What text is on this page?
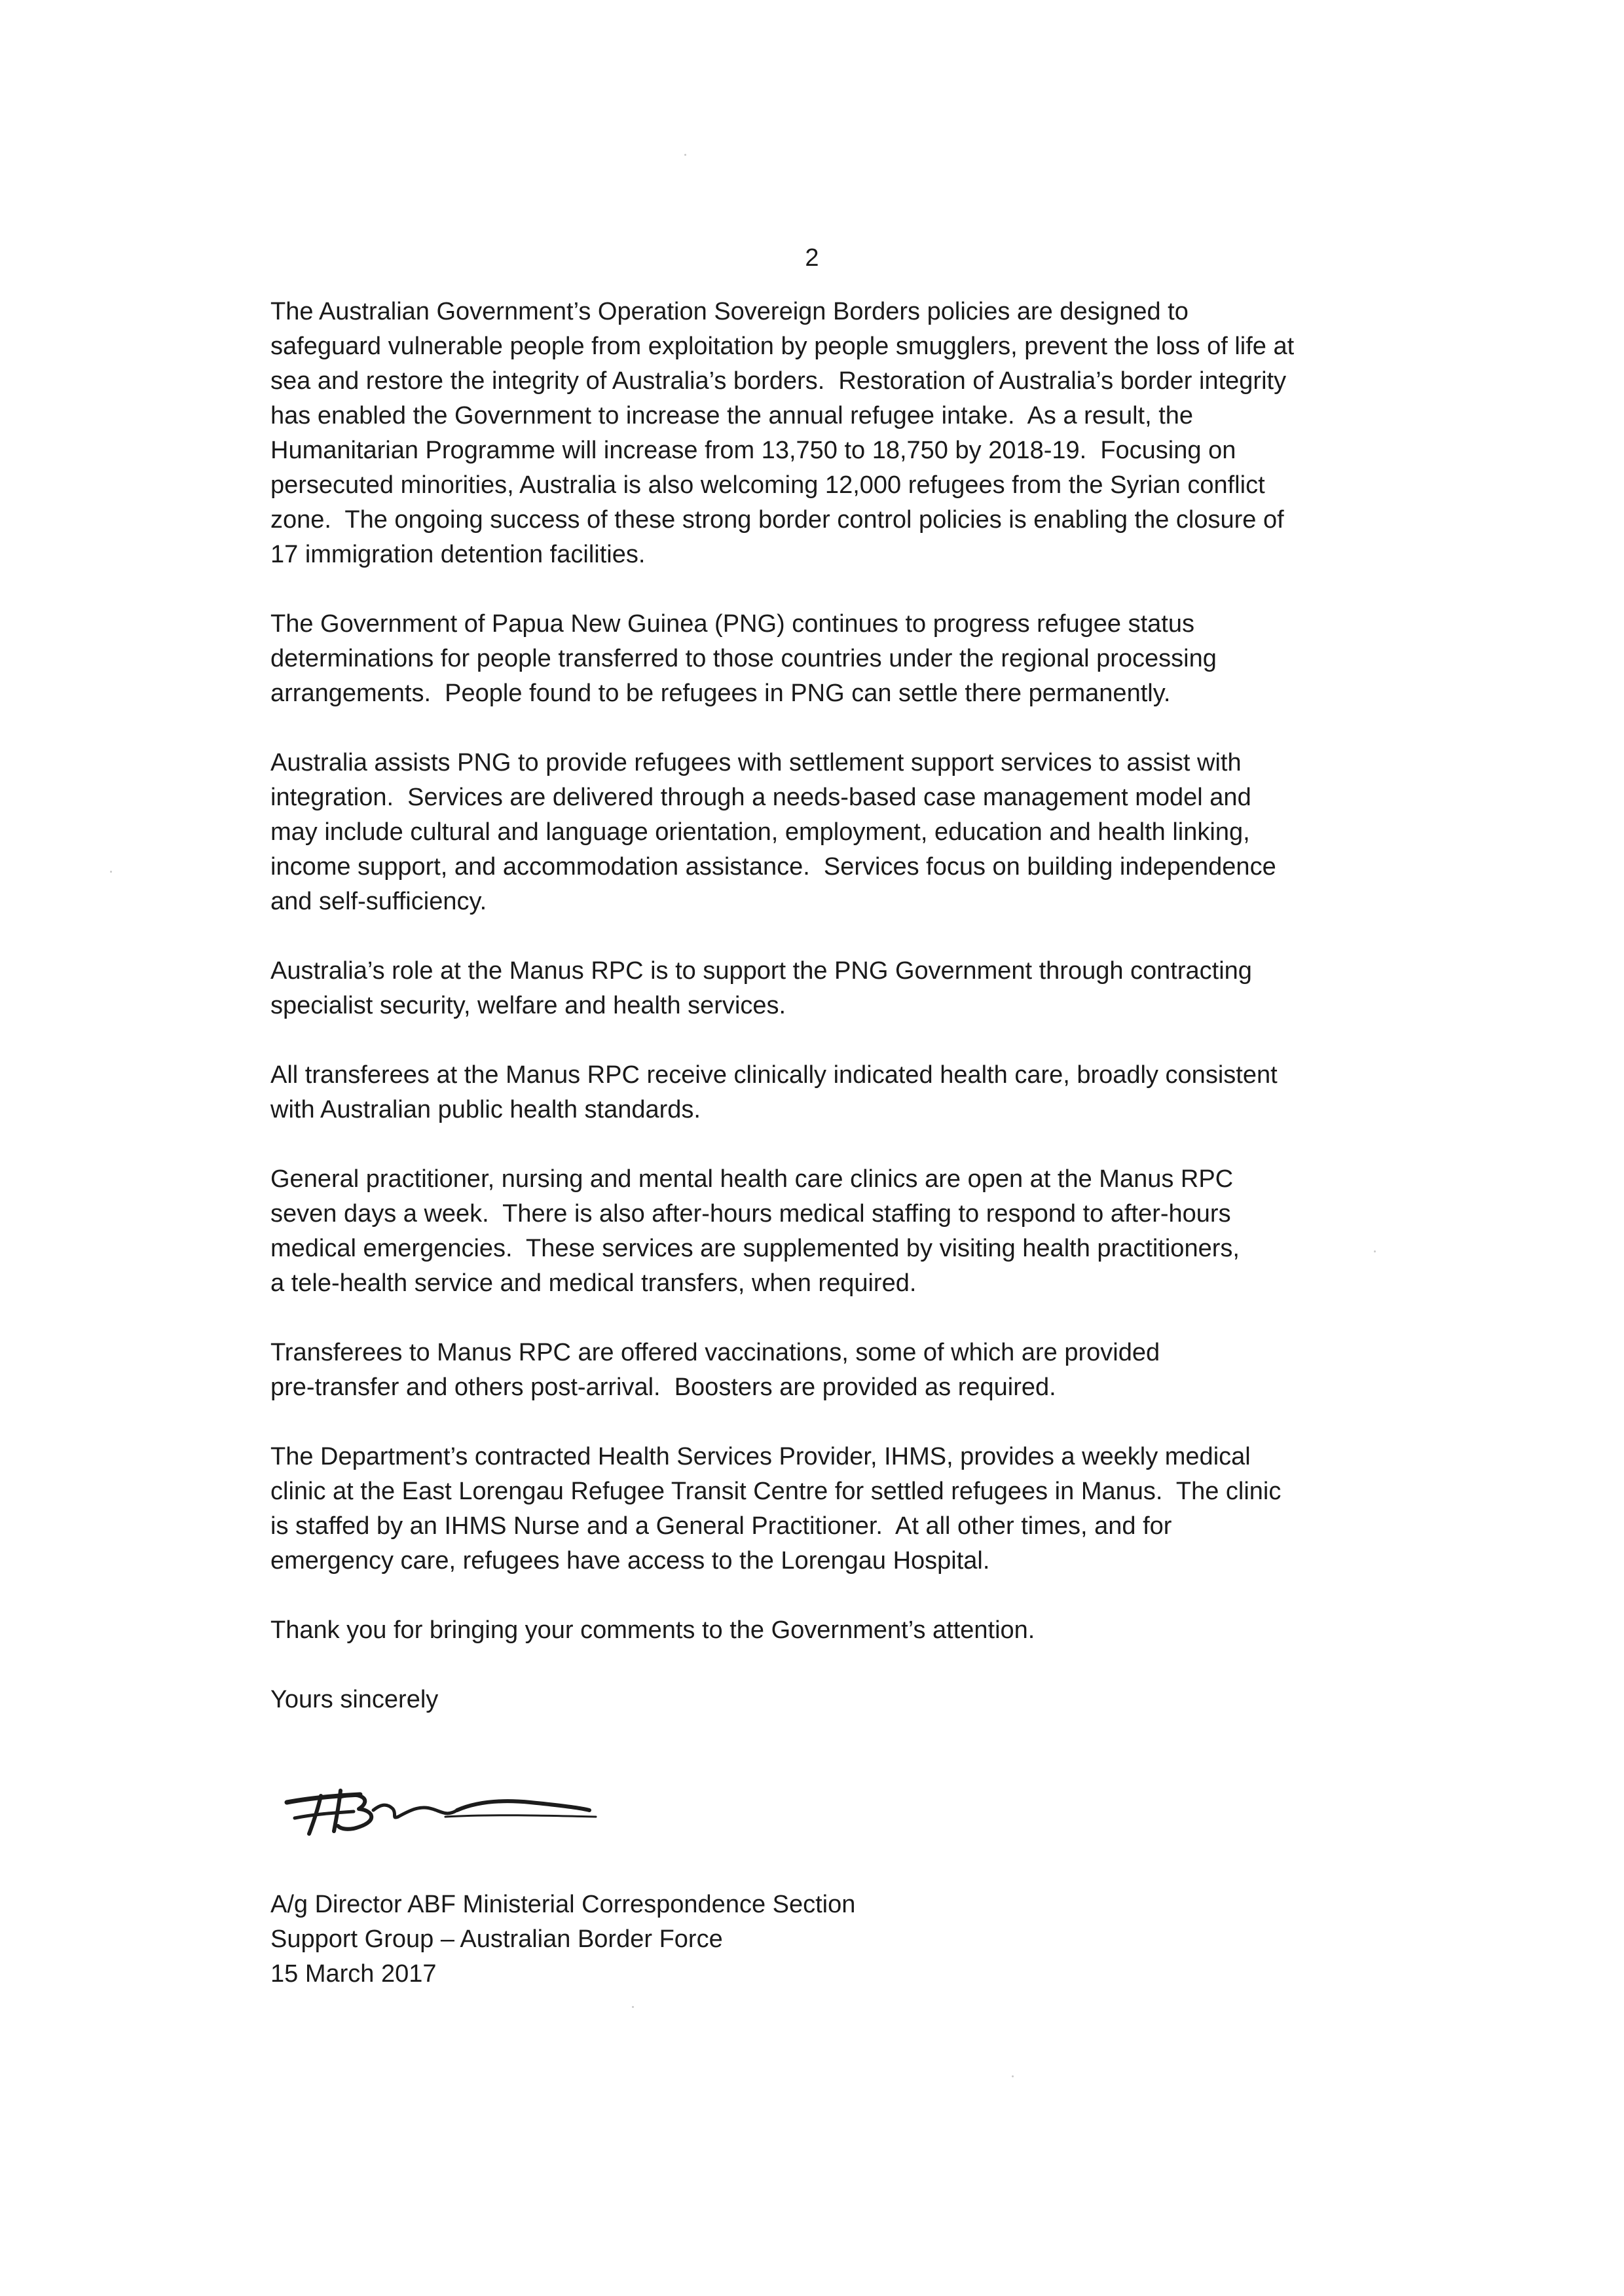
2

The Australian Government’s Operation Sovereign Borders policies are designed to
safeguard vulnerable people from exploitation by people smugglers, prevent the loss of life at
sea and restore the integrity of Australia’s borders.  Restoration of Australia’s border integrity
has enabled the Government to increase the annual refugee intake.  As a result, the
Humanitarian Programme will increase from 13,750 to 18,750 by 2018-19.  Focusing on
persecuted minorities, Australia is also welcoming 12,000 refugees from the Syrian conflict
zone.  The ongoing success of these strong border control policies is enabling the closure of
17 immigration detention facilities.

The Government of Papua New Guinea (PNG) continues to progress refugee status
determinations for people transferred to those countries under the regional processing
arrangements.  People found to be refugees in PNG can settle there permanently.

Australia assists PNG to provide refugees with settlement support services to assist with
integration.  Services are delivered through a needs-based case management model and
may include cultural and language orientation, employment, education and health linking,
income support, and accommodation assistance.  Services focus on building independence
and self-sufficiency.

Australia’s role at the Manus RPC is to support the PNG Government through contracting
specialist security, welfare and health services.

All transferees at the Manus RPC receive clinically indicated health care, broadly consistent
with Australian public health standards.

General practitioner, nursing and mental health care clinics are open at the Manus RPC
seven days a week.  There is also after-hours medical staffing to respond to after-hours
medical emergencies.  These services are supplemented by visiting health practitioners,
a tele-health service and medical transfers, when required.

Transferees to Manus RPC are offered vaccinations, some of which are provided
pre-transfer and others post-arrival.  Boosters are provided as required.

The Department’s contracted Health Services Provider, IHMS, provides a weekly medical
clinic at the East Lorengau Refugee Transit Centre for settled refugees in Manus.  The clinic
is staffed by an IHMS Nurse and a General Practitioner.  At all other times, and for
emergency care, refugees have access to the Lorengau Hospital.

Thank you for bringing your comments to the Government’s attention.

Yours sincerely

A/g Director ABF Ministerial Correspondence Section
Support Group – Australian Border Force
15 March 2017
